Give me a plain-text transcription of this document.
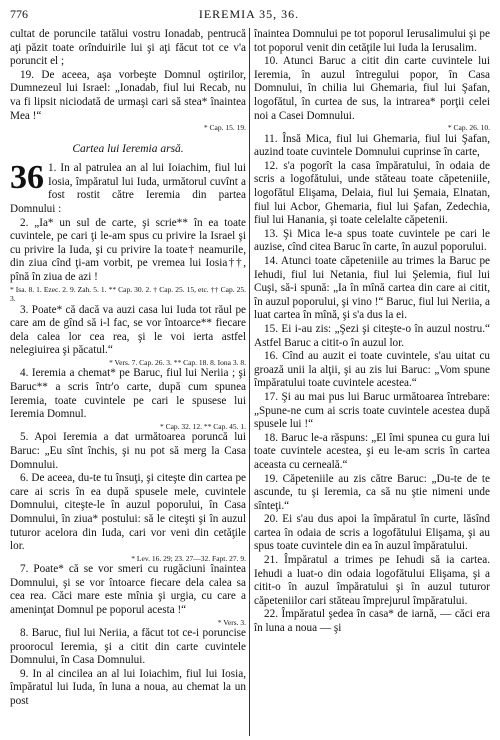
776	IEREMIA 35, 36.

cultat de poruncile tatălui vostru Ionadab, pentrucă aţi păzit toate orînduirile lui şi aţi făcut tot ce v'a poruncit el ;

19. De aceea, aşa vorbeşte Domnul oştirilor, Dumnezeul lui Israel: „Ionadab, fiul lui Recab, nu va fi lipsit niciodată de urmaşi cari să stea* înaintea Mea !“

* Cap. 15. 19.

Cartea lui Ieremia arsă.

36 1. In al patrulea an al lui Ioiachim, fiul lui Iosia, împăratul lui Iuda, următorul cuvînt a fost rostit către Ieremia din partea Domnului :

2. „Ia* un sul de carte, şi scrie** în ea toate cuvintele, pe cari ţi le-am spus cu privire la Israel şi cu privire la Iuda, şi cu privire la toate† neamurile, din ziua cînd ţi-am vorbit, pe vremea lui Iosia††, pînă în ziua de azi !

* Isa. 8. 1. Ezec. 2. 9. Zah. 5. 1. ** Cap. 30. 2. † Cap. 25. 15, etc. †† Cap. 25. 3.

3. Poate* că dacă va auzi casa lui Iuda tot răul pe care am de gînd să i-l fac, se vor întoarce** fiecare dela calea lor cea rea, şi le voi ierta astfel nelegiuirea şi păcatul.“

* Vers. 7. Cap. 26. 3. ** Cap. 18. 8. Iona 3. 8.

4. Ieremia a chemat* pe Baruc, fiul lui Neriia ; şi Baruc** a scris într'o carte, după cum spunea Ieremia, toate cuvintele pe cari le spusese lui Ieremia Domnul.

* Cap. 32. 12. ** Cap. 45. 1.

5. Apoi Ieremia a dat următoarea poruncă lui Baruc: „Eu sînt închis, şi nu pot să merg la Casa Domnului.

6. De aceea, du-te tu însuţi, şi citeşte din cartea pe care ai scris în ea după spusele mele, cuvintele Domnului, citeşte-le în auzul poporului, în Casa Domnului, în ziua* postului: să le citeşti şi în auzul tuturor acelora din Iuda, cari vor veni din cetăţile lor.

* Lev. 16. 29; 23. 27—32. Fapt. 27. 9.

7. Poate* că se vor smeri cu rugăciuni înaintea Domnului, şi se vor întoarce fiecare dela calea sa cea rea. Căci mare este mînia şi urgia, cu care a ameninţat Domnul pe poporul acesta !“

* Vers. 3.

8. Baruc, fiul lui Neriia, a făcut tot ce-i poruncise proorocul Ieremia, şi a citit din carte cuvintele Domnului, în Casa Domnului.

9. In al cincilea an al lui Ioiachim, fiul lui Iosia, împăratul lui Iuda, în luna a noua, au chemat la un post

înaintea Domnului pe tot poporul Ierusalimului şi pe tot poporul venit din cetăţile lui Iuda la Ierusalim.

10. Atunci Baruc a citit din carte cuvintele lui Ieremia, în auzul întregului popor, în Casa Domnului, în chilia lui Ghemaria, fiul lui Şafan, logofătul, în curtea de sus, la intrarea* porţii celei noi a Casei Domnului.

* Cap. 26. 10.

11. Însă Mica, fiul lui Ghemaria, fiul lui Şafan, auzind toate cuvintele Domnului cuprinse în carte,

12. s'a pogorît la casa împăratului, în odaia de scris a logofătului, unde stăteau toate căpeteniile, logofătul Elişama, Delaia, fiul lui Şemaia, Elnatan, fiul lui Acbor, Ghemaria, fiul lui Şafan, Zedechia, fiul lui Hanania, şi toate celelalte căpetenii.

13. Şi Mica le-a spus toate cuvintele pe cari le auzise, cînd citea Baruc în carte, în auzul poporului.

14. Atunci toate căpeteniile au trimes la Baruc pe Iehudi, fiul lui Netania, fiul lui Şelemia, fiul lui Cuşi, să-i spună: „Ia în mînă cartea din care ai citit, în auzul poporului, şi vino !“ Baruc, fiul lui Neriia, a luat cartea în mînă, şi s'a dus la ei.

15. Ei i-au zis: „Şezi şi citeşte-o în auzul nostru.“ Astfel Baruc a citit-o în auzul lor.

16. Cînd au auzit ei toate cuvintele, s'au uitat cu groază unii la alţii, şi au zis lui Baruc: „Vom spune împăratului toate cuvintele acestea.“

17. Şi au mai pus lui Baruc următoarea întrebare: „Spune-ne cum ai scris toate cuvintele acestea după spusele lui !“

18. Baruc le-a răspuns: „El îmi spunea cu gura lui toate cuvintele acestea, şi eu le-am scris în cartea aceasta cu cerneală.“

19. Căpeteniile au zis către Baruc: „Du-te de te ascunde, tu şi Ieremia, ca să nu ştie nimeni unde sînteţi.“

20. Ei s'au dus apoi la împăratul în curte, lăsînd cartea în odaia de scris a logofătului Elişama, şi au spus toate cuvintele din ea în auzul împăratului.

21. Împăratul a trimes pe Iehudi să ia cartea. Iehudi a luat-o din odaia logofătului Elişama, şi a citit-o în auzul împăratului şi în auzul tuturor căpeteniilor cari stăteau împrejurul împăratului.

22. Împăratul şedea în casa* de iarnă, — căci era în luna a noua — şi
